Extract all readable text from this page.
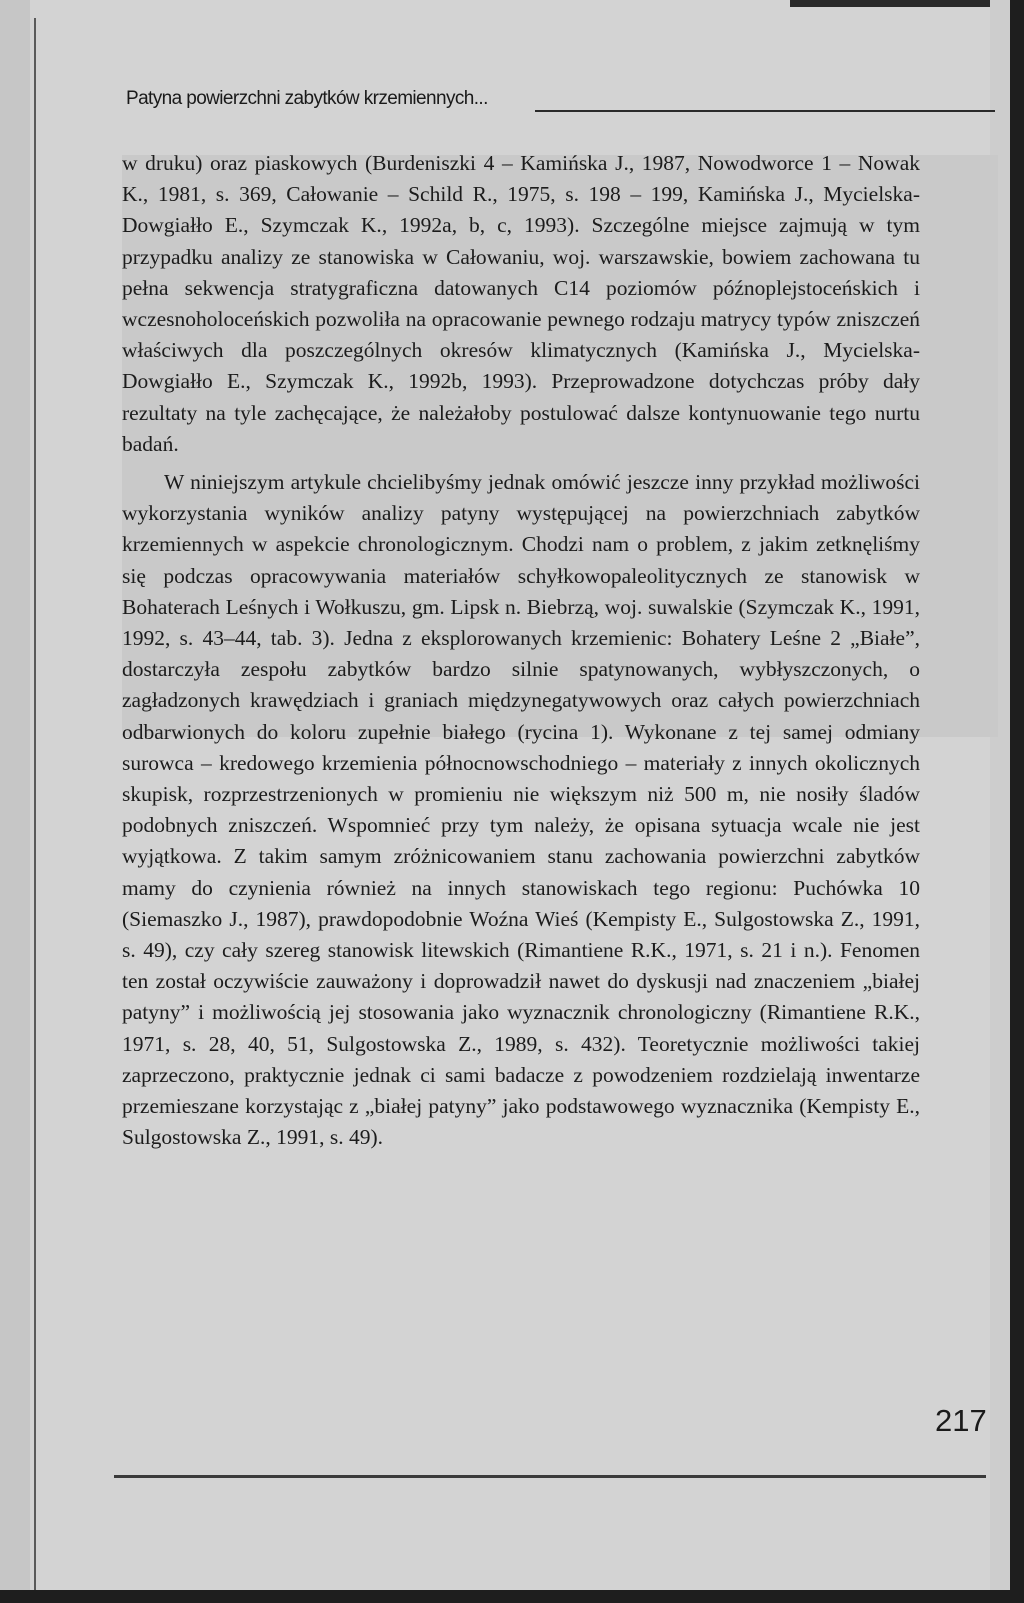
Patyna powierzchni zabytków krzemiennych...

w druku) oraz piaskowych (Burdeniszki 4 – Kamińska J., 1987, Nowodworce 1 – Nowak K., 1981, s. 369, Całowanie – Schild R., 1975, s. 198 – 199, Kamińska J., Mycielska-Dowgiałło E., Szymczak K., 1992a, b, c, 1993). Szczególne miejsce zajmują w tym przypadku analizy ze stanowiska w Całowaniu, woj. warszawskie, bowiem zachowana tu pełna sekwencja stratygraficzna datowanych C14 poziomów późnoplejstoceńskich i wczesnoholoceńskich pozwoliła na opracowanie pewnego rodzaju matrycy typów zniszczeń właściwych dla poszczególnych okresów klimatycznych (Kamińska J., Mycielska-Dowgiałło E., Szymczak K., 1992b, 1993). Przeprowadzone dotychczas próby dały rezultaty na tyle zachęcające, że należałoby postulować dalsze kontynuowanie tego nurtu badań.

W niniejszym artykule chcielibyśmy jednak omówić jeszcze inny przykład możliwości wykorzystania wyników analizy patyny występującej na powierzchniach zabytków krzemiennych w aspekcie chronologicznym. Chodzi nam o problem, z jakim zetknęliśmy się podczas opracowywania materiałów schyłkowopaleolitycznych ze stanowisk w Bohaterach Leśnych i Wołkuszu, gm. Lipsk n. Biebrzą, woj. suwalskie (Szymczak K., 1991, 1992, s. 43–44, tab. 3). Jedna z eksplorowanych krzemienic: Bohatery Leśne 2 „Białe”, dostarczyła zespołu zabytków bardzo silnie spatynowanych, wybłyszczonych, o zagładzonych krawędziach i graniach międzynegatywowych oraz całych powierzchniach odbarwionych do koloru zupełnie białego (rycina 1). Wykonane z tej samej odmiany surowca – kredowego krzemienia północnowschodniego – materiały z innych okolicznych skupisk, rozprzestrzenionych w promieniu nie większym niż 500 m, nie nosiły śladów podobnych zniszczeń. Wspomnieć przy tym należy, że opisana sytuacja wcale nie jest wyjątkowa. Z takim samym zróżnicowaniem stanu zachowania powierzchni zabytków mamy do czynienia również na innych stanowiskach tego regionu: Puchówka 10 (Siemaszko J., 1987), prawdopodobnie Woźna Wieś (Kempisty E., Sulgostowska Z., 1991, s. 49), czy cały szereg stanowisk litewskich (Rimantiene R.K., 1971, s. 21 i n.). Fenomen ten został oczywiście zauważony i doprowadził nawet do dyskusji nad znaczeniem „białej patyny” i możliwością jej stosowania jako wyznacznik chronologiczny (Rimantiene R.K., 1971, s. 28, 40, 51, Sulgostowska Z., 1989, s. 432). Teoretycznie możliwości takiej zaprzeczono, praktycznie jednak ci sami badacze z powodzeniem rozdzielają inwentarze przemieszane korzystając z „białej patyny” jako podstawowego wyznacznika (Kempisty E., Sulgostowska Z., 1991, s. 49).

217
